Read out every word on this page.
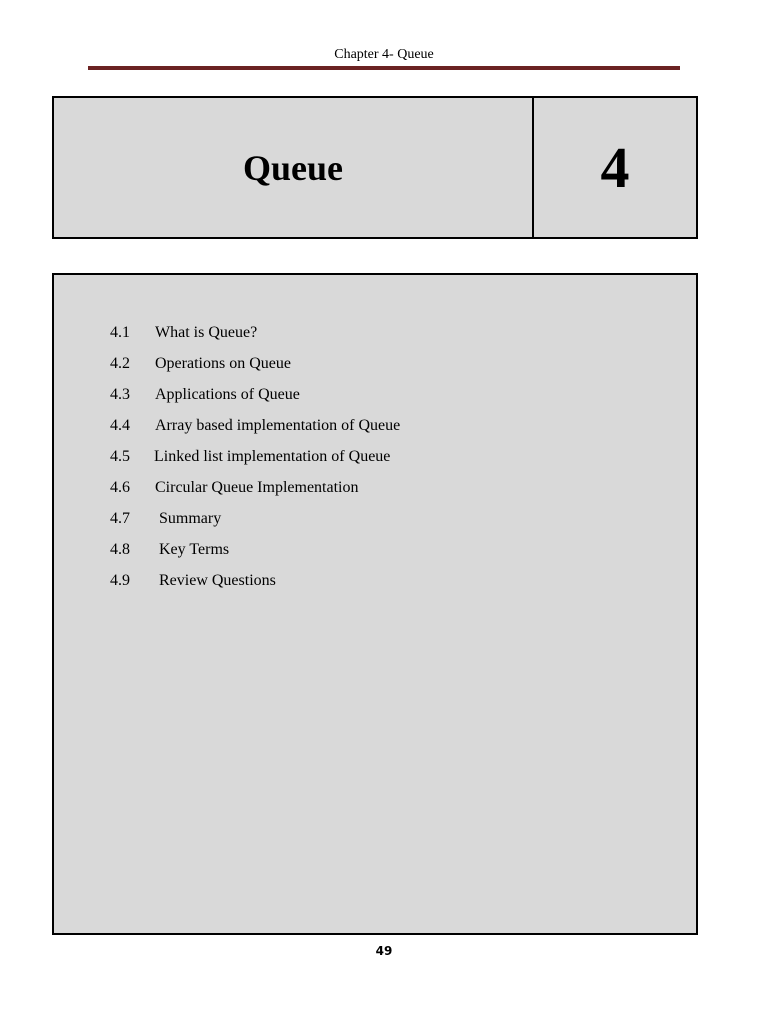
Chapter 4- Queue
Queue	4
4.1	What is Queue?
4.2	Operations on Queue
4.3	Applications of Queue
4.4	Array based implementation of Queue
4.5	Linked list implementation of Queue
4.6	Circular Queue Implementation
4.7	Summary
4.8	Key Terms
4.9	Review Questions
49
